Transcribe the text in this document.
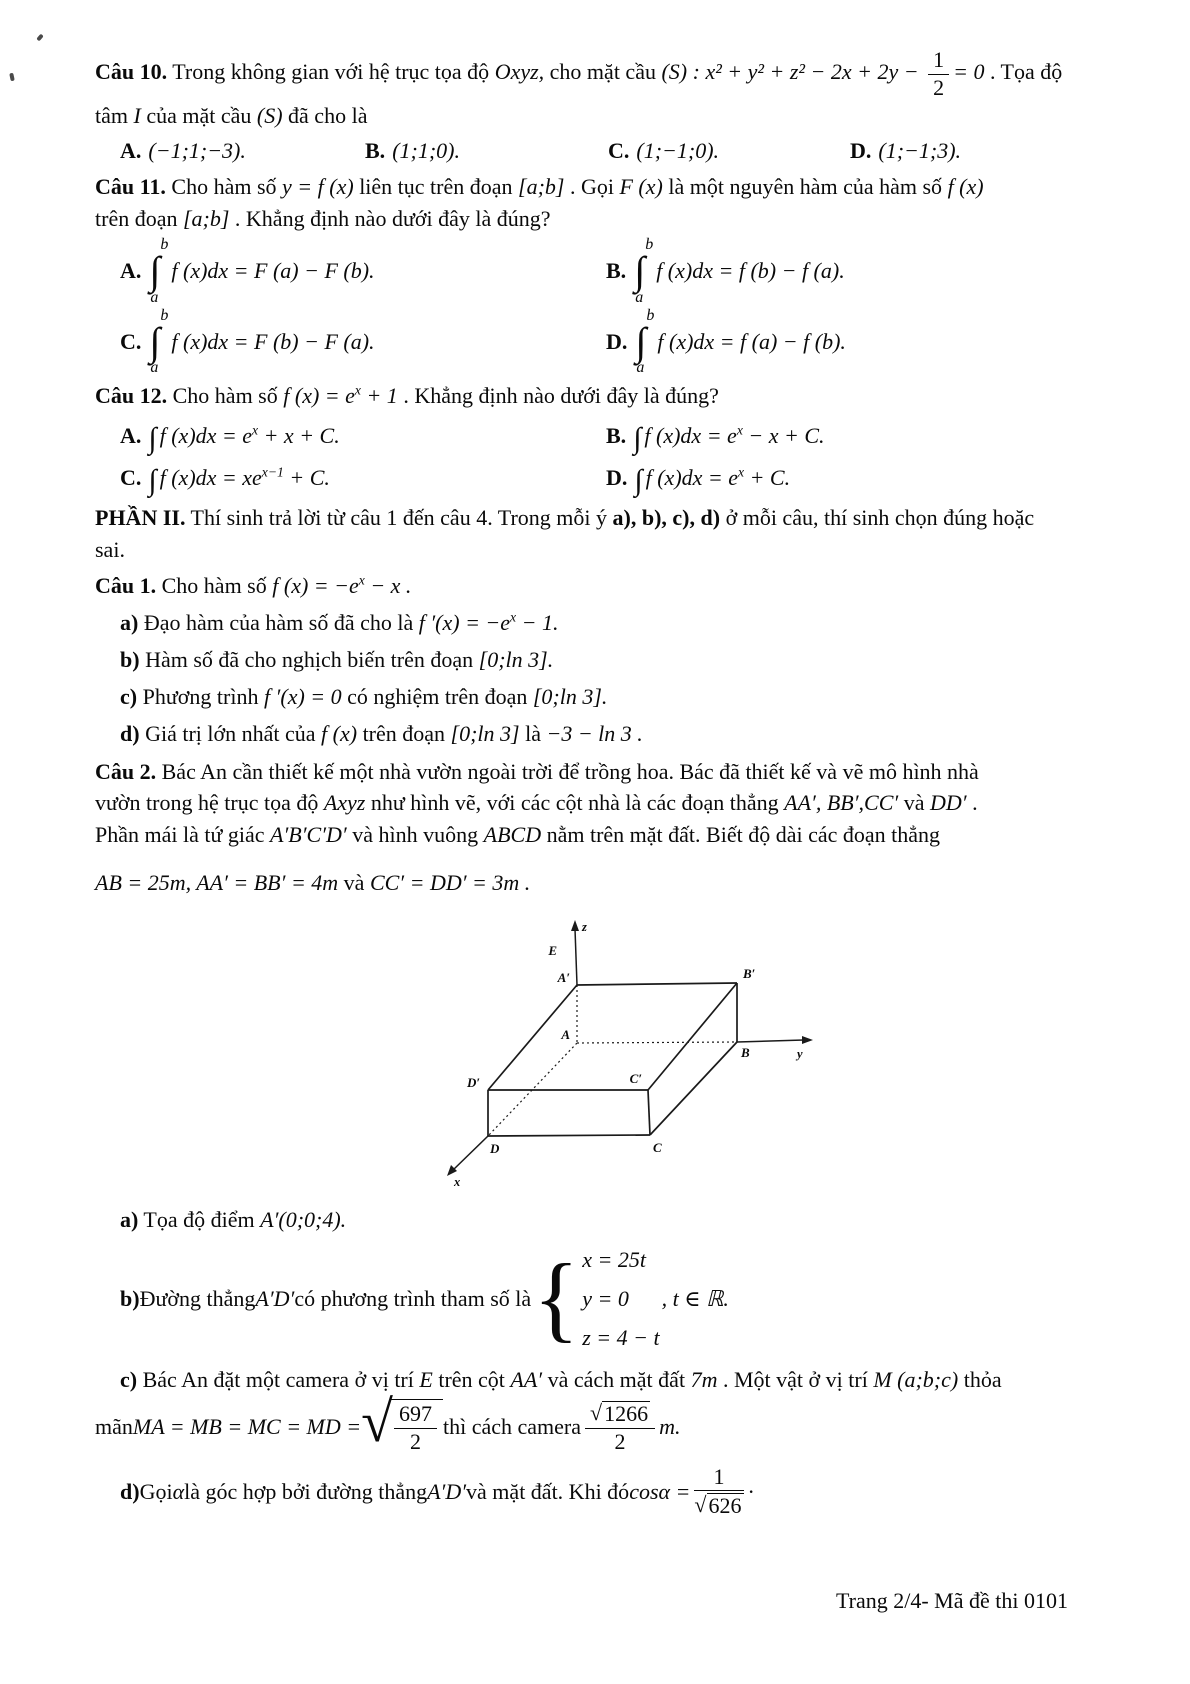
Câu 10. Trong không gian với hệ trục tọa độ Oxyz, cho mặt cầu (S) : $x^2 + y^2 + z^2 - 2x + 2y - \frac{1}{2} = 0$ . Tọa độ
tâm I của mặt cầu (S) đã cho là
A. (−1;1;−3).	B. (1;1;0).	C. (1;−1;0).	D. (1;−1;3).
Câu 11. Cho hàm số y = f (x) liên tục trên đoạn [a;b] . Gọi F (x) là một nguyên hàm của hàm số f (x)
trên đoạn [a;b] . Khẳng định nào dưới đây là đúng?
A.
b
∫
a
f (x)dx = F (a) − F (b).	B.
b
∫
a
f (x)dx = f (b) − f (a).
C.
b
∫
a
f (x)dx = F (b) − F (a).	D.
b
∫
a
f (x)dx = f (a) − f (b).
Câu 12. Cho hàm số f $(x) = e^x + 1$ . Khẳng định nào dưới đây là đúng?
A. ∫ f $(x)dx = e^x + x + C$.	B. ∫ f $(x)dx = e^x - x + C$.
C. ∫ f $(x)dx = xe^{x-1} + C$.	D. ∫ f $(x)dx = e^x + C$.
PHẦN II. Thí sinh trả lời từ câu 1 đến câu 4. Trong mỗi ý a), b), c), d) ở mỗi câu, thí sinh chọn đúng hoặc
sai.
Câu 1. Cho hàm số f $(x) = -e^x - x$ .
a) Đạo hàm của hàm số đã cho là f $'(x) = -e^x - 1$.
b) Hàm số đã cho nghịch biến trên đoạn [0;ln 3].
c) Phương trình f ′(x) = 0 có nghiệm trên đoạn [0;ln 3].
d) Giá trị lớn nhất của f (x) trên đoạn [0;ln 3] là −3 − ln 3 .
Câu 2. Bác An cần thiết kế một nhà vườn ngoài trời để trồng hoa. Bác đã thiết kế và vẽ mô hình nhà
vườn trong hệ trục tọa độ Axyz như hình vẽ, với các cột nhà là các đoạn thẳng AA′, BB′,CC′ và DD′ .
Phần mái là tứ giác A′B′C′D′ và hình vuông ABCD nằm trên mặt đất. Biết độ dài các đoạn thẳng
AB = 25m, AA′ = BB′ = 4m và CC′ = DD′ = 3m .
z
E
A′	B′
A
B
C′
D′
D	C
y
x
a) Tọa độ điểm A′(0;0;4).
b) Đường thẳng A′D′ có phương trình tham số là { x = 25t
y = 0
z = 4 − t
, t ∈ ℝ.
c) Bác An đặt một camera ở vị trí E trên cột AA′ và cách mặt đất 7m . Một vật ở vị trí M (a;b;c) thỏa
mãn MA = MB = MC = MD = √ $\frac{697}{2}$ thì cách camera $\frac{√ 1266}{2} m$.
d) Gọi α là góc hợp bởi đường thẳng A′D′ và mặt đất. Khi đó $\cos\alpha = \frac{1}{√ 626}$ ·
Trang 2/4- Mã đề thi 0101
